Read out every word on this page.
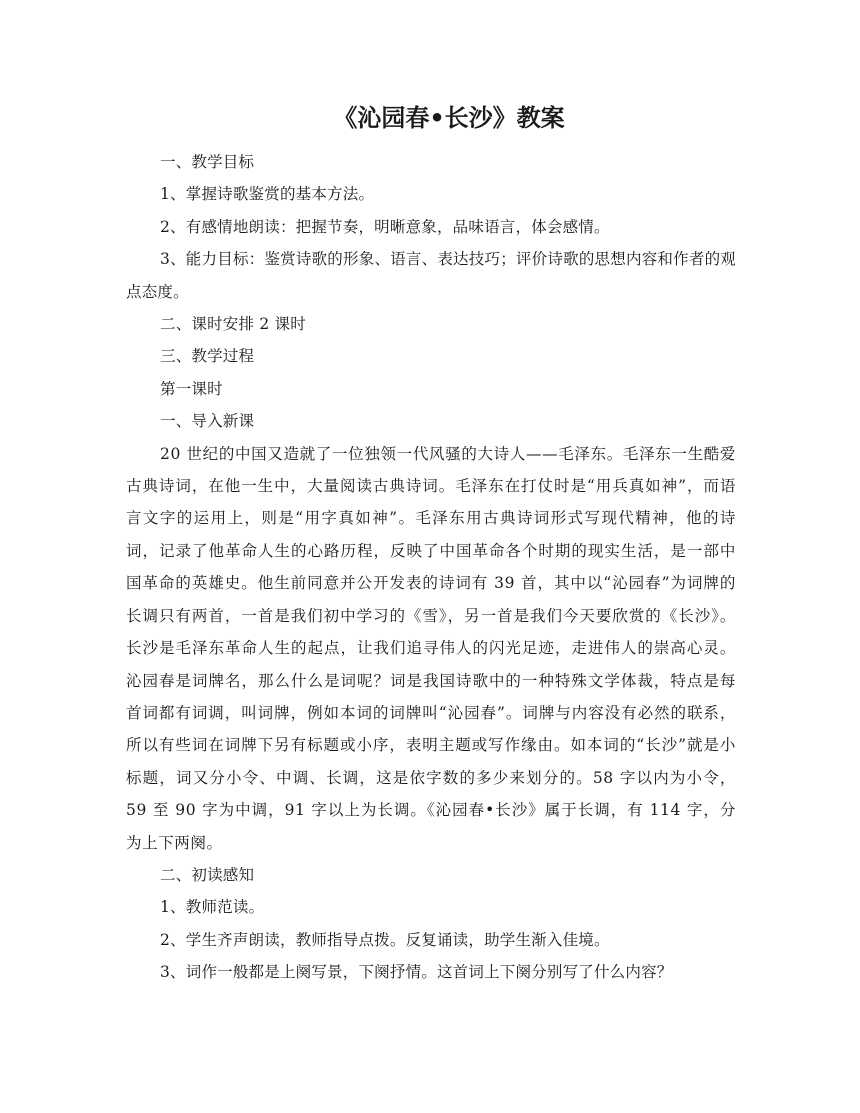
《沁园春•长沙》教案

一、教学目标

1、掌握诗歌鉴赏的基本方法。

2、有感情地朗读：把握节奏，明晰意象，品味语言，体会感情。

3、能力目标：鉴赏诗歌的形象、语言、表达技巧；评价诗歌的思想内容和作者的观点态度。

二、课时安排 2 课时

三、教学过程

第一课时

一、导入新课

20 世纪的中国又造就了一位独领一代风骚的大诗人——毛泽东。毛泽东一生酷爱古典诗词，在他一生中，大量阅读古典诗词。毛泽东在打仗时是“用兵真如神”，而语言文字的运用上，则是“用字真如神”。毛泽东用古典诗词形式写现代精神，他的诗词，记录了他革命人生的心路历程，反映了中国革命各个时期的现实生活，是一部中国革命的英雄史。他生前同意并公开发表的诗词有 39 首，其中以“沁园春”为词牌的长调只有两首，一首是我们初中学习的《雪》，另一首是我们今天要欣赏的《长沙》。长沙是毛泽东革命人生的起点，让我们追寻伟人的闪光足迹，走进伟人的崇高心灵。沁园春是词牌名，那么什么是词呢？词是我国诗歌中的一种特殊文学体裁，特点是每首词都有词调，叫词牌，例如本词的词牌叫“沁园春”。词牌与内容没有必然的联系，所以有些词在词牌下另有标题或小序，表明主题或写作缘由。如本词的“长沙”就是小标题，词又分小令、中调、长调，这是依字数的多少来划分的。58 字以内为小令，59 至 90 字为中调，91 字以上为长调。《沁园春•长沙》属于长调，有 114 字，分为上下两阕。

二、初读感知

1、教师范读。

2、学生齐声朗读，教师指导点拨。反复诵读，助学生渐入佳境。

3、词作一般都是上阕写景，下阕抒情。这首词上下阕分别写了什么内容？
